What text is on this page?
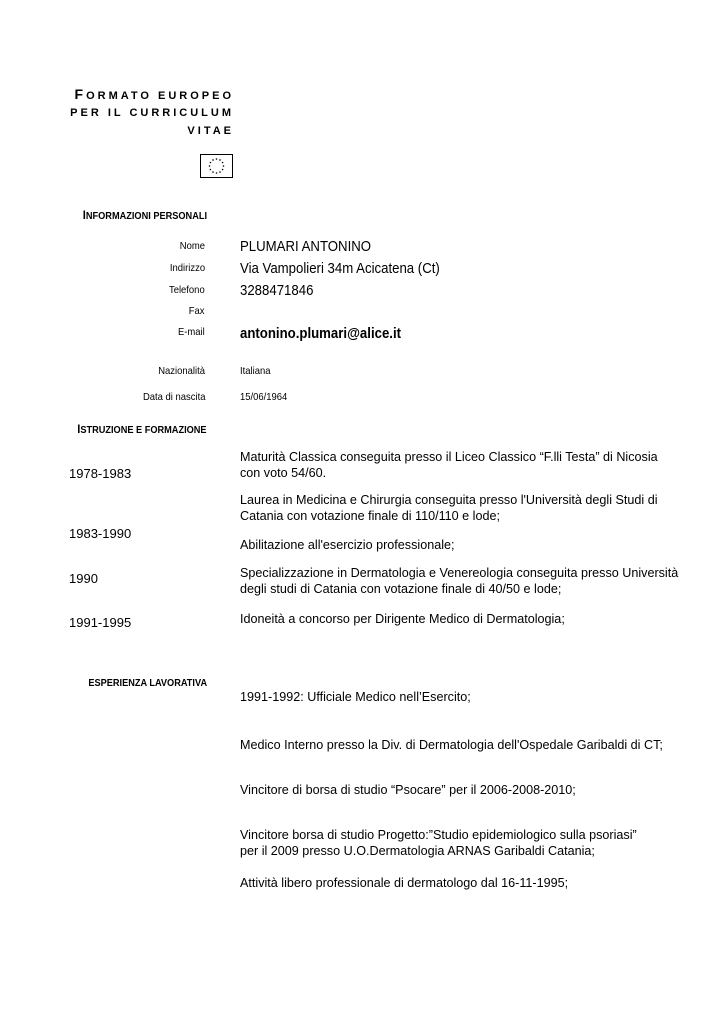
FORMATO EUROPEO
PER IL CURRICULUM
VITAE
INFORMAZIONI PERSONALI
Nome PLUMARI ANTONINO
Indirizzo Via Vampolieri 34m Acicatena (Ct)
Telefono 3288471846
Fax
E-mail antonino.plumari@alice.it
Nazionalità	Italiana
Data di nascita	15/06/1964
ISTRUZIONE E FORMAZIONE
1978-1983
1983-1990
1990
1991-1995
Maturità Classica conseguita presso il Liceo Classico “F.lli Testa” di Nicosia con voto 54/60.
Laurea in Medicina e Chirurgia conseguita presso l'Università degli Studi di Catania con votazione finale di 110/110 e lode;
Abilitazione all'esercizio professionale;
Specializzazione in Dermatologia e Venereologia conseguita presso Università degli studi di Catania con votazione finale di 40/50 e lode;
Idoneità a concorso per Dirigente Medico di Dermatologia;
ESPERIENZA LAVORATIVA
1991-1992: Ufficiale Medico nell’Esercito;
Medico Interno presso la Div. di Dermatologia dell'Ospedale Garibaldi di CT;
Vincitore di borsa di studio “Psocare” per il 2006-2008-2010;
Vincitore borsa di studio Progetto:”Studio epidemiologico sulla psoriasi”
per il 2009 presso U.O.Dermatologia ARNAS Garibaldi Catania;
Attività libero professionale di dermatologo dal 16-11-1995;
